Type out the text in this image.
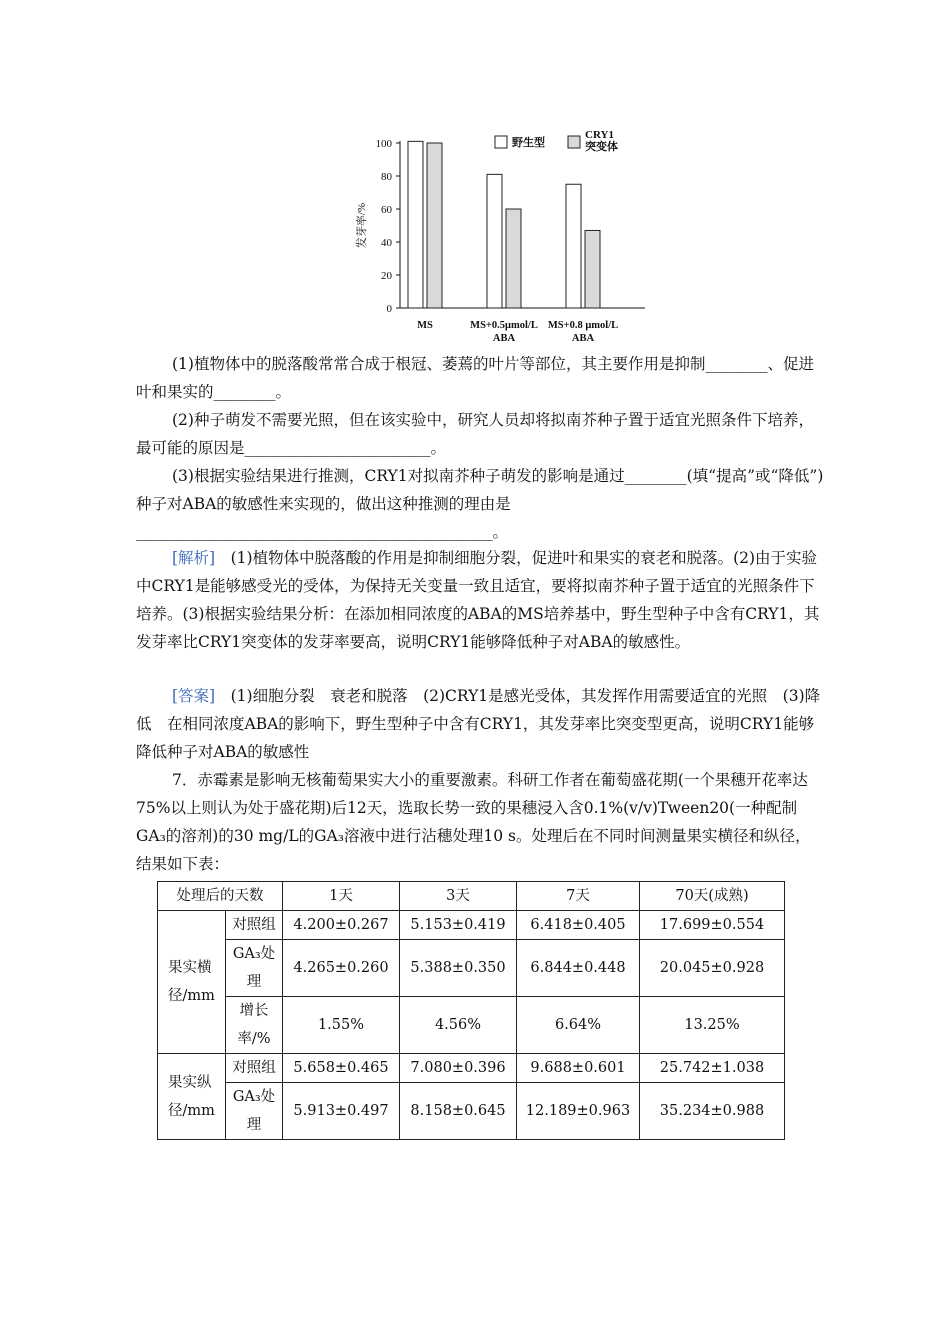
0
20
40
60
80
100
发芽率/%
MS	MS+0.5μmol/L
ABA
MS+0.8 μmol/L
ABA
野生型
CRY1
突变体

(1)植物体中的脱落酸常常合成于根冠、萎蔫的叶片等部位，其主要作用是抑制________、促进叶和果实的________。

(2)种子萌发不需要光照，但在该实验中，研究人员却将拟南芥种子置于适宜光照条件下培养，最可能的原因是________________________。

(3)根据实验结果进行推测，CRY1对拟南芥种子萌发的影响是通过________(填“提高”或“降低”)种子对ABA的敏感性来实现的，做出这种推测的理由是______________________________________________。

[解析]　(1)植物体中脱落酸的作用是抑制细胞分裂，促进叶和果实的衰老和脱落。(2)由于实验中CRY1是能够感受光的受体，为保持无关变量一致且适宜，要将拟南芥种子置于适宜的光照条件下培养。(3)根据实验结果分析：在添加相同浓度的ABA的MS培养基中，野生型种子中含有CRY1，其发芽率比CRY1突变体的发芽率要高，说明CRY1能够降低种子对ABA的敏感性。

[答案]　(1)细胞分裂　衰老和脱落　(2)CRY1是感光受体，其发挥作用需要适宜的光照　(3)降低　在相同浓度ABA的影响下，野生型种子中含有CRY1，其发芽率比突变型更高，说明CRY1能够降低种子对ABA的敏感性

7．赤霉素是影响无核葡萄果实大小的重要激素。科研工作者在葡萄盛花期(一个果穗开花率达75%以上则认为处于盛花期)后12天，选取长势一致的果穗浸入含0.1%(v/v)Tween20(一种配制GA₃的溶剂)的30 mg/L的GA₃溶液中进行沾穗处理10 s。处理后在不同时间测量果实横径和纵径，结果如下表：

处理后的天数		1天	3天	7天	70天(成熟)
果实横径/mm	对照组	4.200±0.267	5.153±0.419	6.418±0.405	17.699±0.554
	GA₃处理	4.265±0.260	5.388±0.350	6.844±0.448	20.045±0.928
	增长率/%	1.55%	4.56%	6.64%	13.25%
果实纵径/mm	对照组	5.658±0.465	7.080±0.396	9.688±0.601	25.742±1.038
	GA₃处理	5.913±0.497	8.158±0.645	12.189±0.963	35.234±0.988
